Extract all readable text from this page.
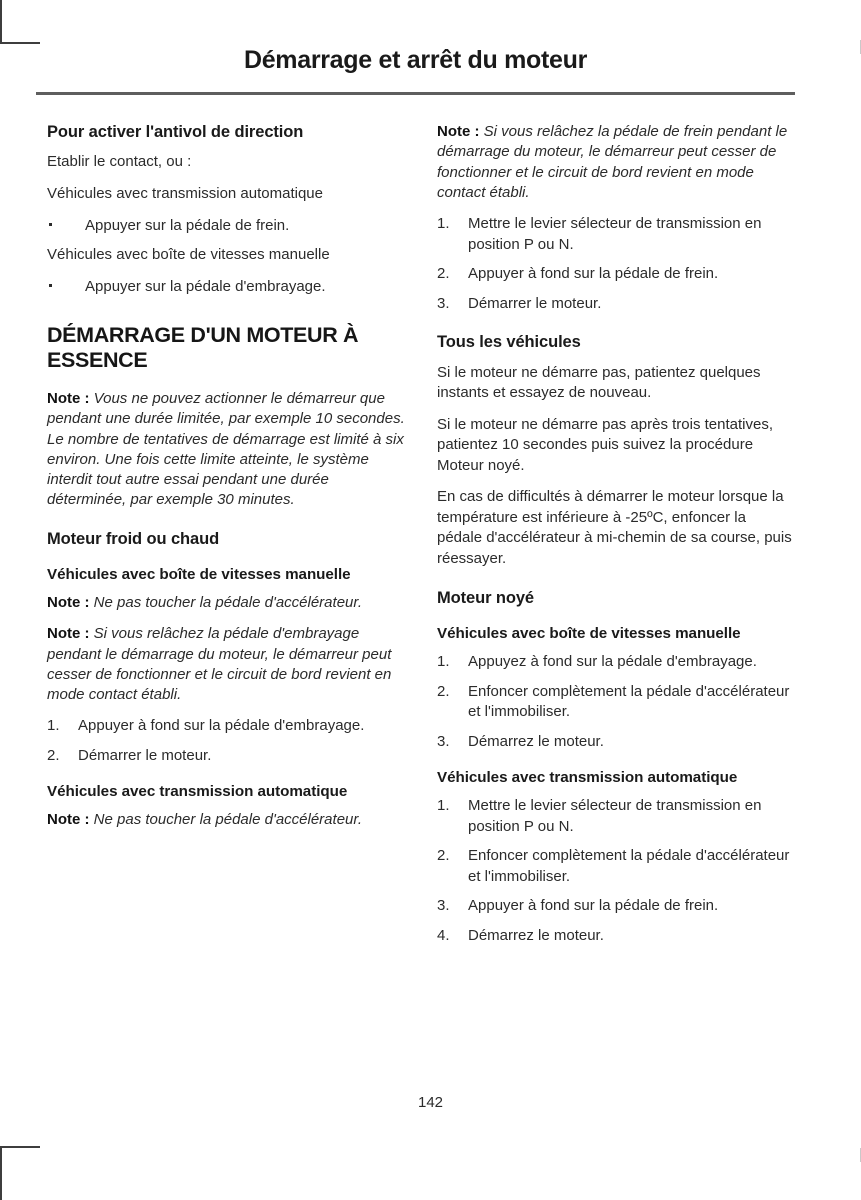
Démarrage et arrêt du moteur
Pour activer l'antivol de direction

Etablir le contact, ou :

Véhicules avec transmission automatique

Appuyer sur la pédale de frein.

Véhicules avec boîte de vitesses manuelle

Appuyer sur la pédale d'embrayage.
DÉMARRAGE D'UN MOTEUR À ESSENCE

Note : Vous ne pouvez actionner le démarreur que pendant une durée limitée, par exemple 10 secondes. Le nombre de tentatives de démarrage est limité à six environ. Une fois cette limite atteinte, le système interdit tout autre essai pendant une durée déterminée, par exemple 30 minutes.

Moteur froid ou chaud
Véhicules avec boîte de vitesses manuelle

Note : Ne pas toucher la pédale d'accélérateur.

Note : Si vous relâchez la pédale d'embrayage pendant le démarrage du moteur, le démarreur peut cesser de fonctionner et le circuit de bord revient en mode contact établi.

1.	Appuyer à fond sur la pédale d'embrayage.
2.	Démarrer le moteur.
Véhicules avec transmission automatique

Note : Ne pas toucher la pédale d'accélérateur.

Note : Si vous relâchez la pédale de frein pendant le démarrage du moteur, le démarreur peut cesser de fonctionner et le circuit de bord revient en mode contact établi.

1.	Mettre le levier sélecteur de transmission en position P ou N.
2.	Appuyer à fond sur la pédale de frein.
3.	Démarrer le moteur.
Tous les véhicules

Si le moteur ne démarre pas, patientez quelques instants et essayez de nouveau.

Si le moteur ne démarre pas après trois tentatives, patientez 10 secondes puis suivez la procédure Moteur noyé.

En cas de difficultés à démarrer le moteur lorsque la température est inférieure à -25ºC, enfoncer la pédale d'accélérateur à mi-chemin de sa course, puis réessayer.

Moteur noyé
Véhicules avec boîte de vitesses manuelle
1.	Appuyez à fond sur la pédale d'embrayage.
2.	Enfoncer complètement la pédale d'accélérateur et l'immobiliser.
3.	Démarrez le moteur.
Véhicules avec transmission automatique
1.	Mettre le levier sélecteur de transmission en position P ou N.
2.	Enfoncer complètement la pédale d'accélérateur et l'immobiliser.
3.	Appuyer à fond sur la pédale de frein.
4.	Démarrez le moteur.
142
